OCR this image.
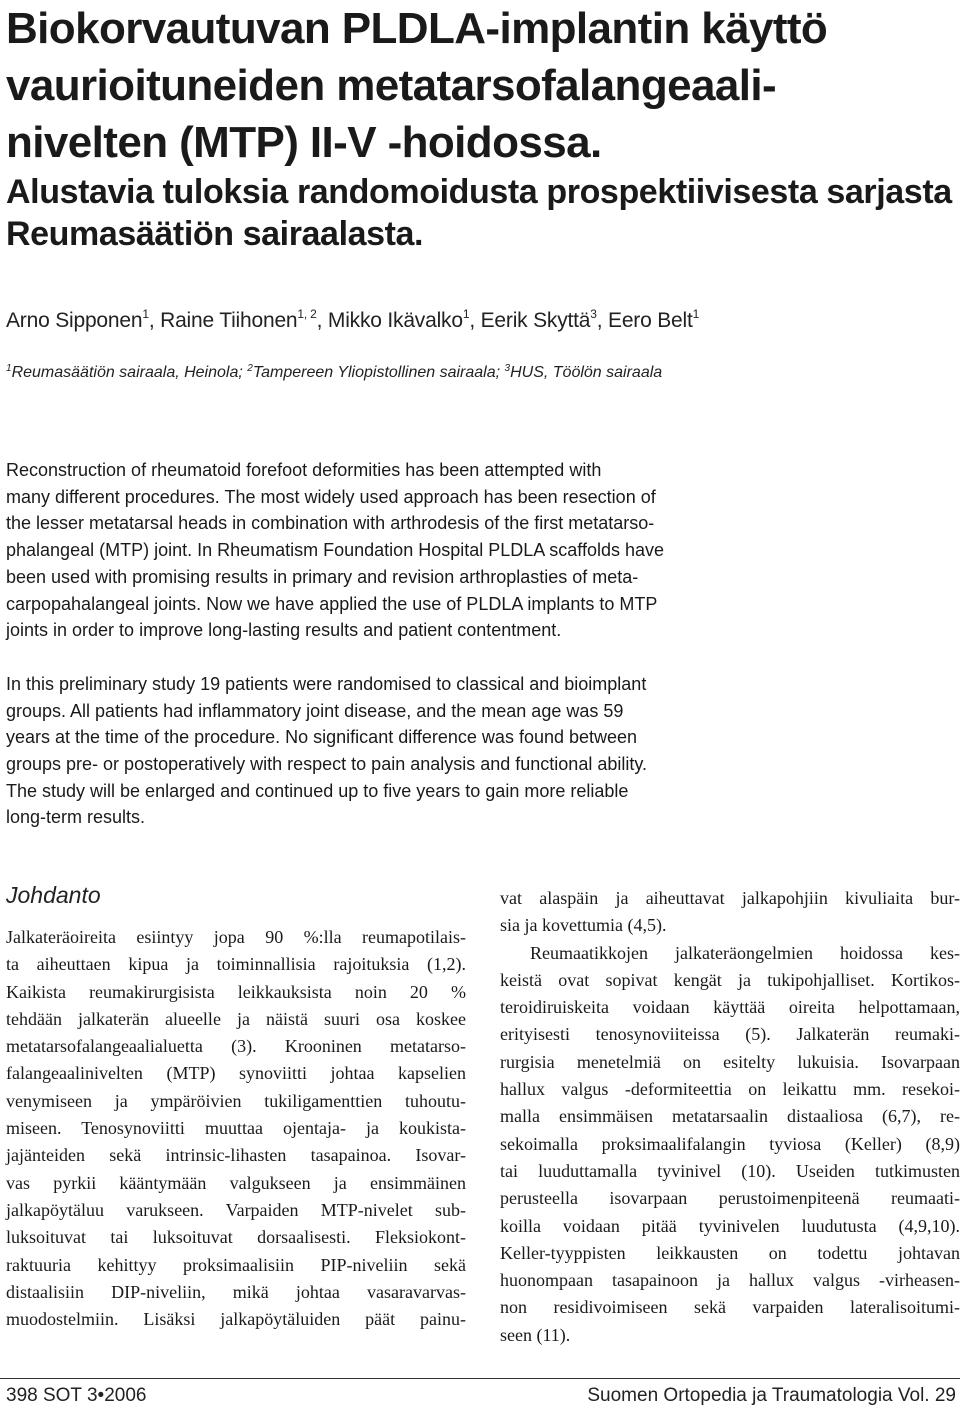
Biokorvautuvan PLDLA-implantin käyttö
vaurioituneiden metatarsofalangeaali-
nivelten (MTP) II-V -hoidossa.
Alustavia tuloksia randomoidusta prospektiivisesta sarjasta
Reumasäätiön sairaalasta.
Arno Sipponen$^1$, Raine Tiihonen$^{1, 2}$, Mikko Ikävalko$^1$, Eerik Skyttä$^3$, Eero Belt$^1$
$^1$Reumasäätiön sairaala, Heinola; $^2$Tampereen Yliopistollinen sairaala; $^3$HUS, Töölön sairaala

Reconstruction of rheumatoid forefoot deformities has been attempted with
many different procedures. The most widely used approach has been resection of
the lesser metatarsal heads in combination with arthrodesis of the first metatarso-
phalangeal (MTP) joint. In Rheumatism Foundation Hospital PLDLA scaffolds have
been used with promising results in primary and revision arthroplasties of meta-
carpopahalangeal joints. Now we have applied the use of PLDLA implants to MTP
joints in order to improve long-lasting results and patient contentment.

In this preliminary study 19 patients were randomised to classical and bioimplant
groups. All patients had inflammatory joint disease, and the mean age was 59
years at the time of the procedure. No significant difference was found between
groups pre- or postoperatively with respect to pain analysis and functional ability.
The study will be enlarged and continued up to five years to gain more reliable
long-term results.

Johdanto
Jalkateräoireita esiintyy jopa 90 %:lla reumapotilais-
ta aiheuttaen kipua ja toiminnallisia rajoituksia (1,2).
Kaikista reumakirurgisista leikkauksista noin 20 %
tehdään jalkaterän alueelle ja näistä suuri osa koskee
metatarsofalangeaalialuetta (3). Krooninen metatarso-
falangeaalinivelten (MTP) synoviitti johtaa kapselien
venymiseen ja ympäröivien tukiligamenttien tuhoutu-
miseen. Tenosynoviitti muuttaa ojentaja- ja koukista-
jajänteiden sekä intrinsic-lihasten tasapainoa. Isovar-
vas pyrkii kääntymään valgukseen ja ensimmäinen
jalkapöytäluu varukseen. Varpaiden MTP-nivelet sub-
luksoituvat tai luksoituvat dorsaalisesti. Fleksiokont-
raktuuria kehittyy proksimaalisiin PIP-niveliin sekä
distaalisiin DIP-niveliin, mikä johtaa vasaravarvas-
muodostelmiin. Lisäksi jalkapöytäluiden päät painu-
vat alaspäin ja aiheuttavat jalkapohjiin kivuliaita bur-
sia ja kovettumia (4,5).
Reumaatikkojen jalkateräongelmien hoidossa kes-
keistä ovat sopivat kengät ja tukipohjalliset. Kortikos-
teroidiruiskeita voidaan käyttää oireita helpottamaan,
erityisesti tenosynoviiteissa (5). Jalkaterän reumaki-
rurgisia menetelmiä on esitelty lukuisia. Isovarpaan
hallux valgus -deformiteettia on leikattu mm. resekoi-
malla ensimmäisen metatarsaalin distaaliosa (6,7), re-
sekoimalla proksimaalifalangin tyviosa (Keller) (8,9)
tai luuduttamalla tyvinivel (10). Useiden tutkimusten
perusteella isovarpaan perustoimenpiteenä reumaati-
koilla voidaan pitää tyvinivelen luudutusta (4,9,10).
Keller-tyyppisten leikkausten on todettu johtavan
huonompaan tasapainoon ja hallux valgus -virheasen-
non residivoimiseen sekä varpaiden lateralisoitumi-
seen (11).
398 SOT 3•2006	Suomen Ortopedia ja Traumatologia Vol. 29
